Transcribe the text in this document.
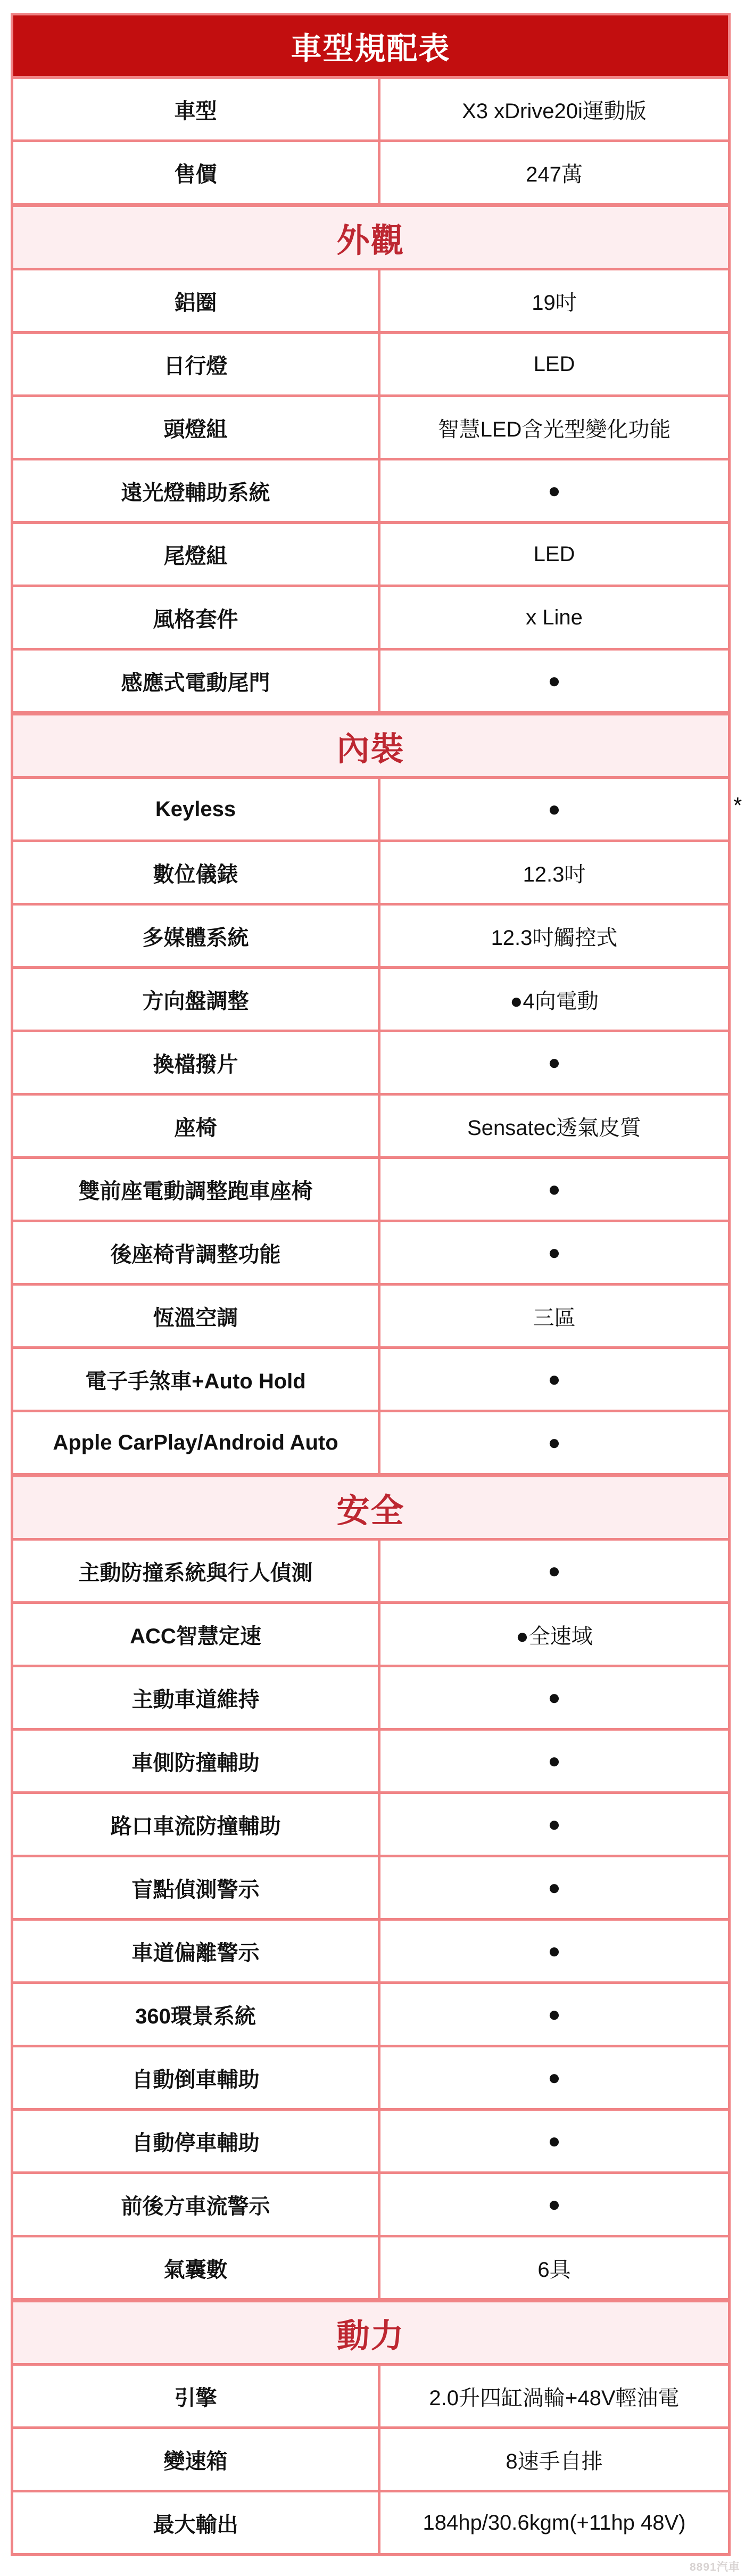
車型規配表
車型	X3 xDrive20i運動版
售價	247萬
外觀
鋁圈	19吋
日行燈	LED
頭燈組	智慧LED含光型變化功能
遠光燈輔助系統	●
尾燈組	LED
風格套件	x Line
感應式電動尾門	●
內裝
Keyless	●
數位儀錶	12.3吋
多媒體系統	12.3吋觸控式
方向盤調整	●4向電動
換檔撥片	●
座椅	Sensatec透氣皮質
雙前座電動調整跑車座椅	●
後座椅背調整功能	●
恆溫空調	三區
電子手煞車+Auto Hold	●
Apple CarPlay/Android Auto	●
安全
主動防撞系統與行人偵測	●
ACC智慧定速	●全速域
主動車道維持	●
車側防撞輔助	●
路口車流防撞輔助	●
盲點偵測警示	●
車道偏離警示	●
360環景系統	●
自動倒車輔助	●
自動停車輔助	●
前後方車流警示	●
氣囊數	6具
動力
引擎	2.0升四缸渦輪+48V輕油電
變速箱	8速手自排
最大輸出	184hp/30.6kgm(+11hp 48V)
*
8891汽車
